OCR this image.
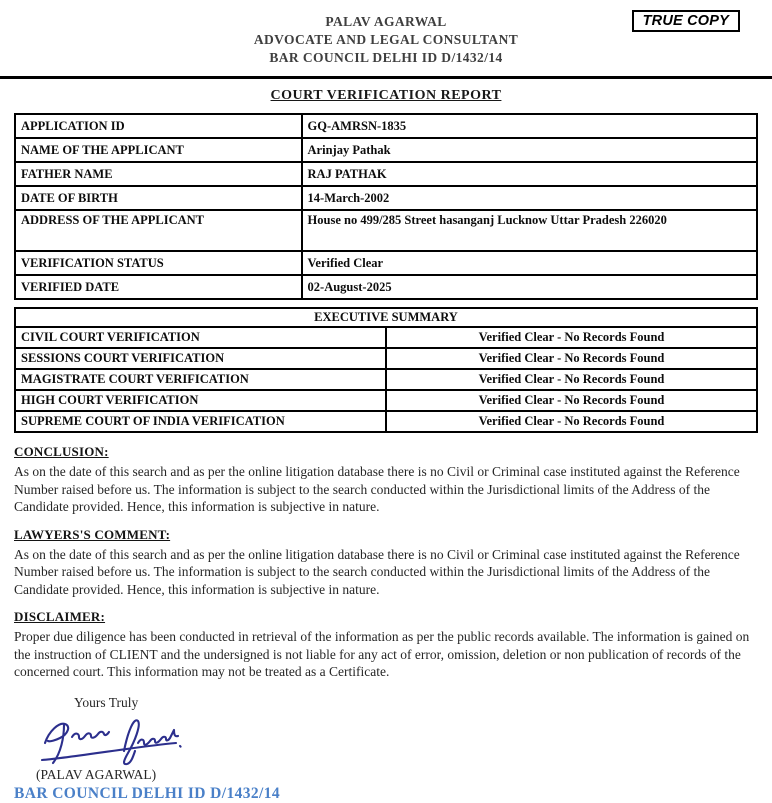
TRUE COPY
PALAV AGARWAL
ADVOCATE AND LEGAL CONSULTANT
BAR COUNCIL DELHI ID D/1432/14
COURT VERIFICATION REPORT
APPLICATION ID	GQ-AMRSN-1835
NAME OF THE APPLICANT	Arinjay Pathak
FATHER NAME	RAJ PATHAK
DATE OF BIRTH	14-March-2002
ADDRESS OF THE APPLICANT	House no 499/285 Street hasanganj Lucknow Uttar Pradesh 226020
VERIFICATION STATUS	Verified Clear
VERIFIED DATE	02-August-2025
EXECUTIVE SUMMARY	
CIVIL COURT VERIFICATION	Verified Clear - No Records Found
SESSIONS COURT VERIFICATION	Verified Clear - No Records Found
MAGISTRATE COURT VERIFICATION	Verified Clear - No Records Found
HIGH COURT VERIFICATION	Verified Clear - No Records Found
SUPREME COURT OF INDIA VERIFICATION	Verified Clear - No Records Found
CONCLUSION:

As on the date of this search and as per the online litigation database there is no Civil or Criminal case instituted against the Reference Number raised before us. The information is subject to the search conducted within the Jurisdictional limits of the Address of the Candidate provided. Hence, this information is subjective in nature.

LAWYERS'S COMMENT:

As on the date of this search and as per the online litigation database there is no Civil or Criminal case instituted against the Reference Number raised before us. The information is subject to the search conducted within the Jurisdictional limits of the Address of the Candidate provided. Hence, this information is subjective in nature.

DISCLAIMER:

Proper due diligence has been conducted in retrieval of the information as per the public records available. The information is gained on the instruction of CLIENT and the undersigned is not liable for any act of error, omission, deletion or non publication of records of the concerned court. This information may not be treated as a Certificate.

Yours Truly
(PALAV AGARWAL)
BAR COUNCIL DELHI ID D/1432/14
